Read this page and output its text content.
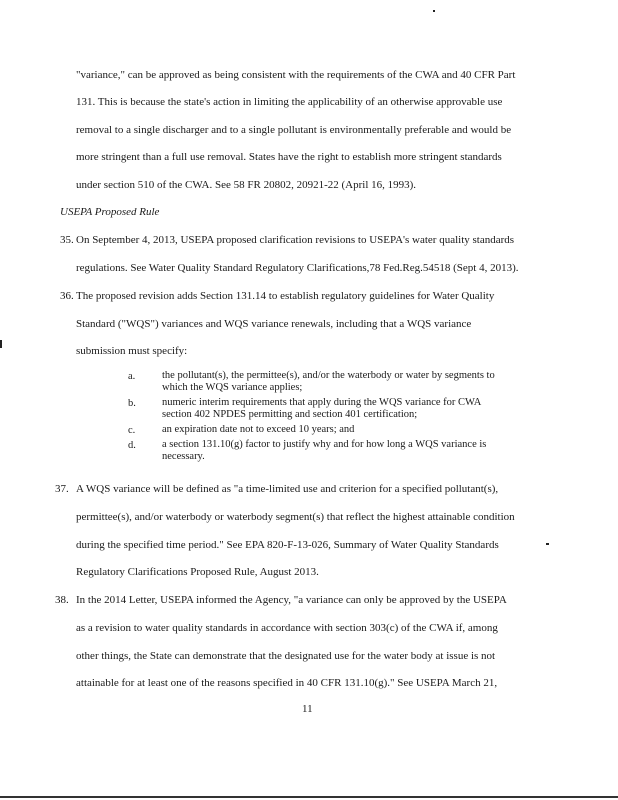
"variance," can be approved as being consistent with the requirements of the CWA and 40 CFR Part
131. This is because the state's action in limiting the applicability of an otherwise approvable use
removal to a single discharger and to a single pollutant is environmentally preferable and would be
more stringent than a full use removal. States have the right to establish more stringent standards
under section 510 of the CWA. See 58 FR 20802, 20921-22 (April 16, 1993).
USEPA Proposed Rule
35. On September 4, 2013, USEPA proposed clarification revisions to USEPA's water quality standards
regulations. See Water Quality Standard Regulatory Clarifications,78 Fed.Reg.54518 (Sept 4, 2013).
36. The proposed revision adds Section 131.14 to establish regulatory guidelines for Water Quality
Standard ("WQS") variances and WQS variance renewals, including that a WQS variance
submission must specify:
a.	the pollutant(s), the permittee(s), and/or the waterbody or water by segments to
which the WQS variance applies;
b. numeric interim requirements that apply during the WQS variance for CWA
section 402 NPDES permitting and section 401 certification;
c.	an expiration date not to exceed 10 years; and
d. a section 131.10(g) factor to justify why and for how long a WQS variance is
necessary.
37. A WQS variance will be defined as "a time-limited use and criterion for a specified pollutant(s),
permittee(s), and/or waterbody or waterbody segment(s) that reflect the highest attainable condition
during the specified time period." See EPA 820-F-13-026, Summary of Water Quality Standards
Regulatory Clarifications Proposed Rule, August 2013.
38. In the 2014 Letter, USEPA informed the Agency, "a variance can only be approved by the USEPA
as a revision to water quality standards in accordance with section 303(c) of the CWA if, among
other things, the State can demonstrate that the designated use for the water body at issue is not
attainable for at least one of the reasons specified in 40 CFR 131.10(g)." See USEPA March 21,
11
